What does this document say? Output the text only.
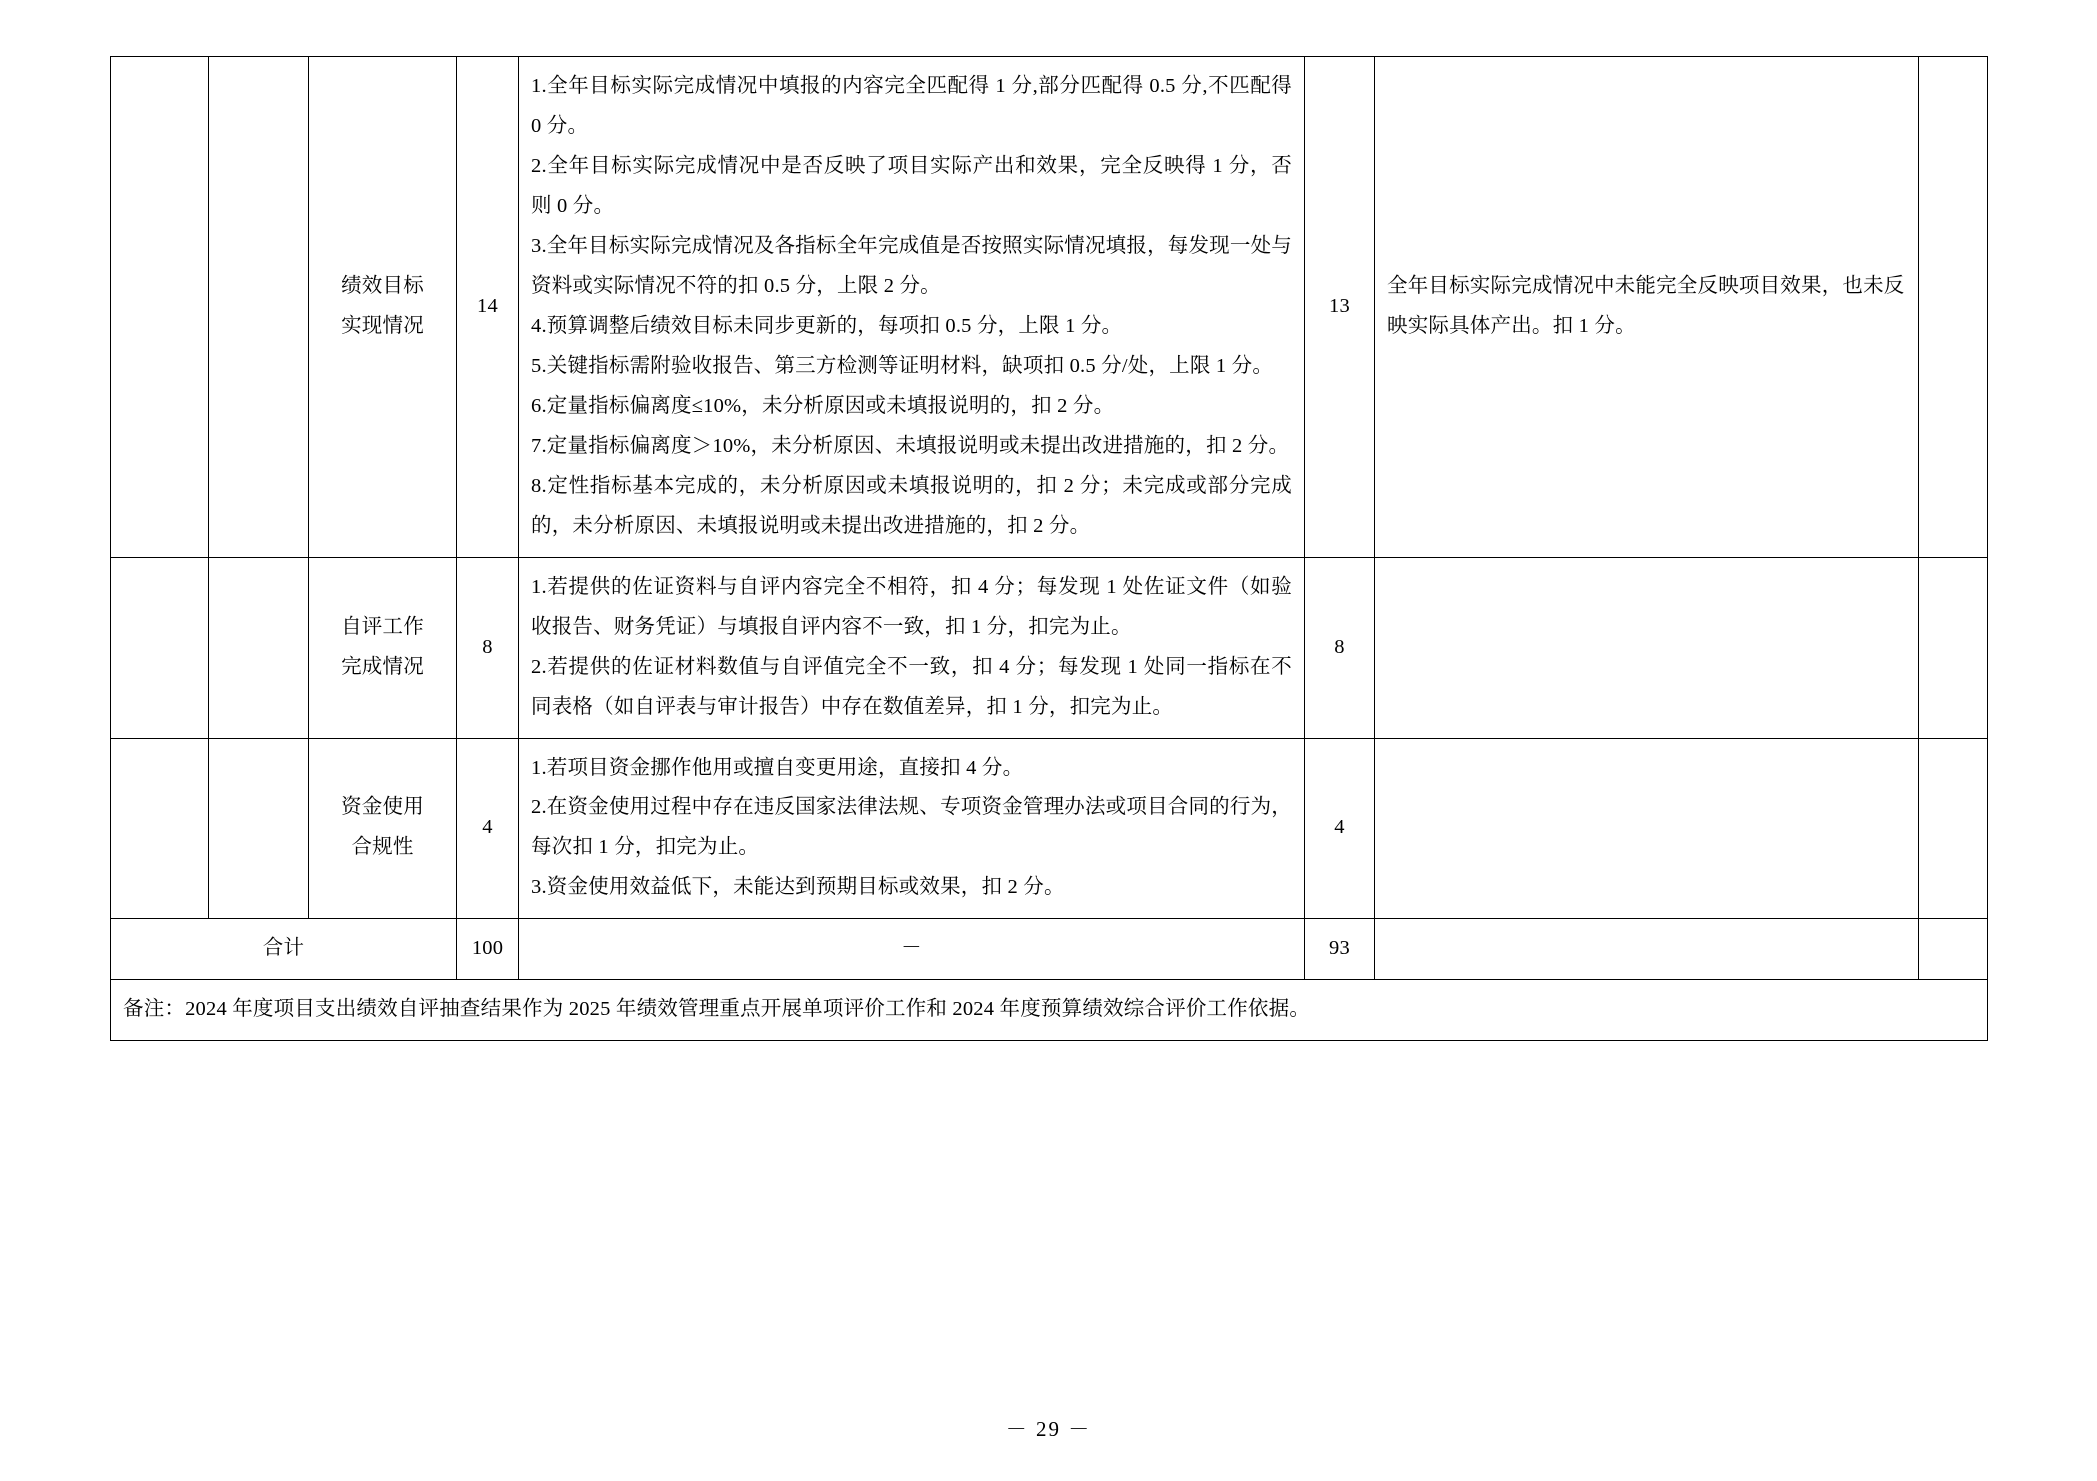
		绩效目标
实现情况	14	

1.全年目标实际完成情况中填报的内容完全匹配得 1 分,部分匹配得 0.5 分,不匹配得 0 分。

2.全年目标实际完成情况中是否反映了项目实际产出和效果，完全反映得 1 分，否则 0 分。

3.全年目标实际完成情况及各指标全年完成值是否按照实际情况填报，每发现一处与资料或实际情况不符的扣 0.5 分，上限 2 分。

4.预算调整后绩效目标未同步更新的，每项扣 0.5 分，上限 1 分。

5.关键指标需附验收报告、第三方检测等证明材料，缺项扣 0.5 分/处，上限 1 分。

6.定量指标偏离度≤10%，未分析原因或未填报说明的，扣 2 分。

7.定量指标偏离度＞10%，未分析原因、未填报说明或未提出改进措施的，扣 2 分。

8.定性指标基本完成的，未分析原因或未填报说明的，扣 2 分；未完成或部分完成的，未分析原因、未填报说明或未提出改进措施的，扣 2 分。

	13	全年目标实际完成情况中未能完全反映项目效果，也未反映实际具体产出。扣 1 分。	
		自评工作
完成情况	8	

1.若提供的佐证资料与自评内容完全不相符，扣 4 分；每发现 1 处佐证文件（如验收报告、财务凭证）与填报自评内容不一致，扣 1 分，扣完为止。

2.若提供的佐证材料数值与自评值完全不一致，扣 4 分；每发现 1 处同一指标在不同表格（如自评表与审计报告）中存在数值差异，扣 1 分，扣完为止。

	8		
		资金使用
合规性	4	

1.若项目资金挪作他用或擅自变更用途，直接扣 4 分。

2.在资金使用过程中存在违反国家法律法规、专项资金管理办法或项目合同的行为，每次扣 1 分，扣完为止。

3.资金使用效益低下，未能达到预期目标或效果，扣 2 分。

	4		
合计			100	－	93		
备注：2024 年度项目支出绩效自评抽查结果作为 2025 年绩效管理重点开展单项评价工作和 2024 年度预算绩效综合评价工作依据。							
－ 29 －
